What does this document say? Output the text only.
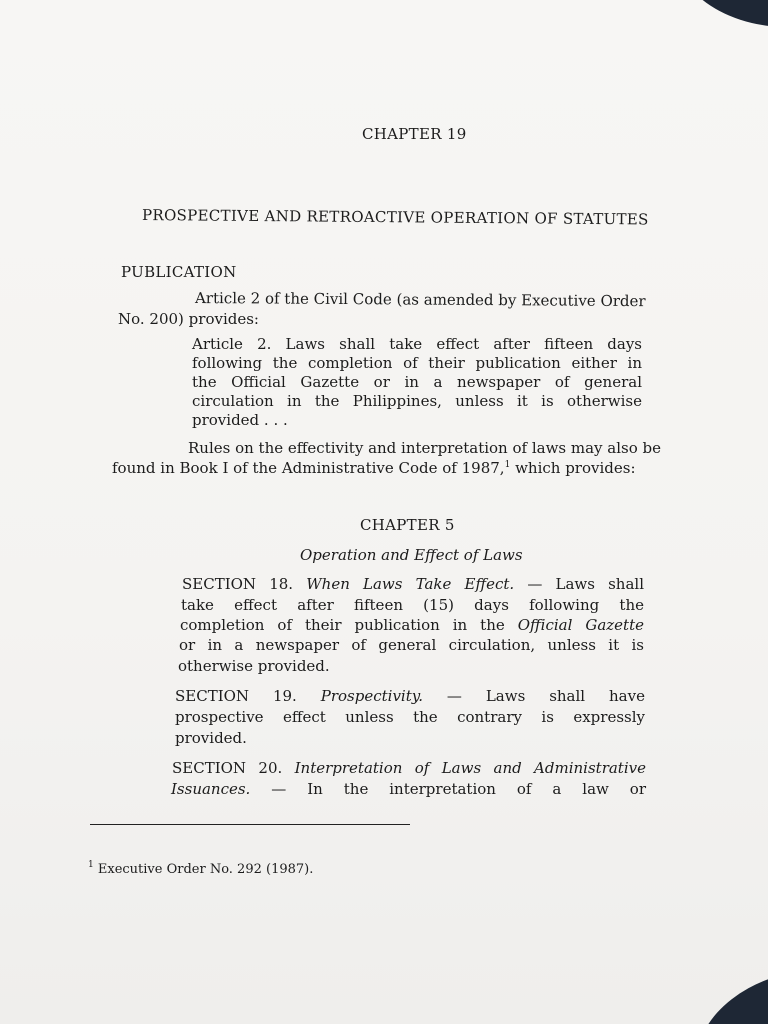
CHAPTER 19
PROSPECTIVE AND RETROACTIVE OPERATION OF STATUTES
PUBLICATION
Article 2 of the Civil Code (as amended by Executive Order
No. 200) provides:
Article 2. Laws shall take effect after fifteen days
following the completion of their publication either in
the Official Gazette or in a newspaper of general
circulation in the Philippines, unless it is otherwise
provided . . .
Rules on the effectivity and interpretation of laws may also be
found in Book I of the Administrative Code of 1987,$^1$ which provides:
CHAPTER 5
Operation and Effect of Laws
SECTION 18. When Laws Take Effect. — Laws shall
take effect after fifteen (15) days following the
completion of their publication in the Official Gazette
or in a newspaper of general circulation, unless it is
otherwise provided.
SECTION 19. Prospectivity. — Laws shall have
prospective effect unless the contrary is expressly
provided.
SECTION 20. Interpretation of Laws and Administrative
Issuances. — In the interpretation of a law or
$^1$ Executive Order No. 292 (1987).
